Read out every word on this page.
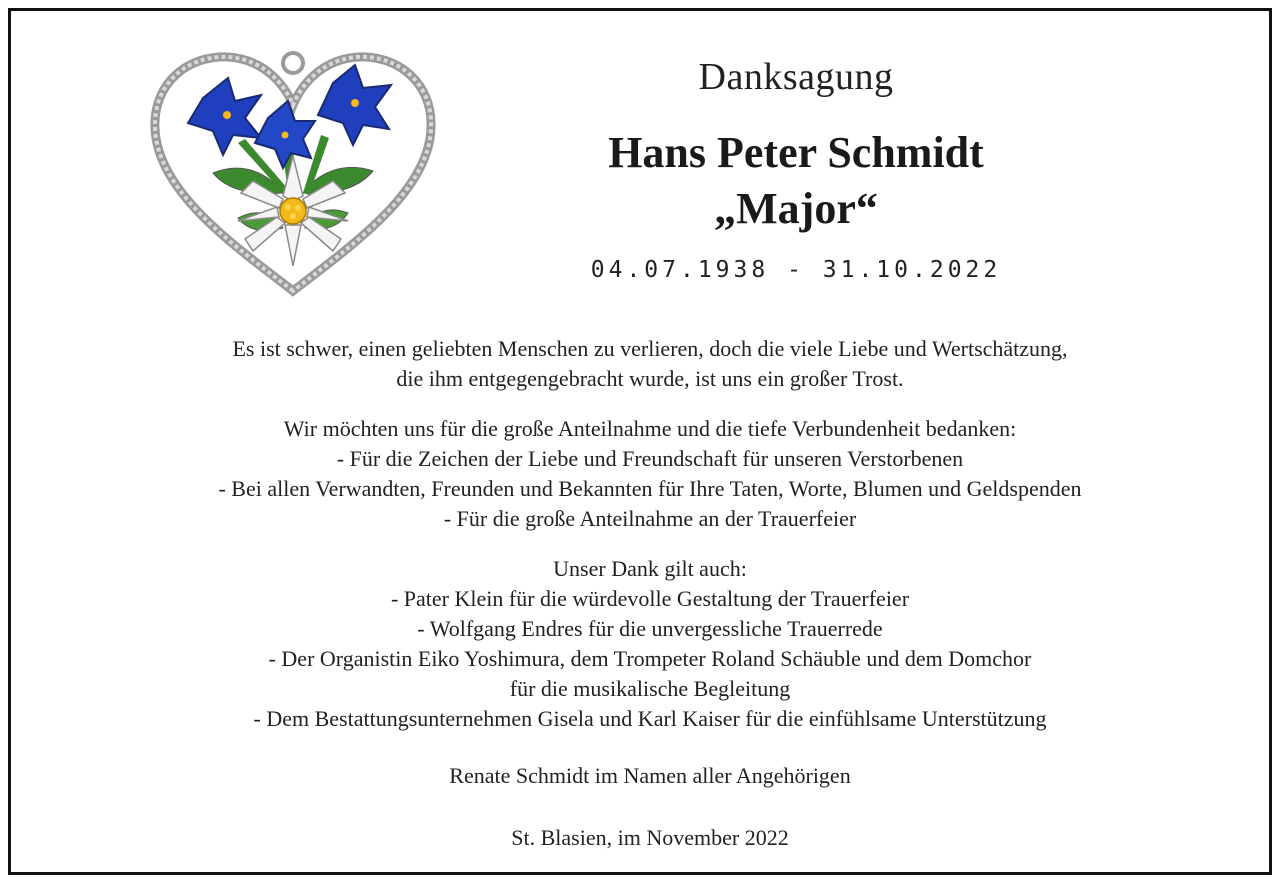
Danksagung
Hans Peter Schmidt
„Major“
04.07.1938 - 31.10.2022
Es ist schwer, einen geliebten Menschen zu verlieren, doch die viele Liebe und Wertschätzung,
die ihm entgegengebracht wurde, ist uns ein großer Trost.
Wir möchten uns für die große Anteilnahme und die tiefe Verbundenheit bedanken:
- Für die Zeichen der Liebe und Freundschaft für unseren Verstorbenen
- Bei allen Verwandten, Freunden und Bekannten für Ihre Taten, Worte, Blumen und Geldspenden
- Für die große Anteilnahme an der Trauerfeier
Unser Dank gilt auch:
- Pater Klein für die würdevolle Gestaltung der Trauerfeier
- Wolfgang Endres für die unvergessliche Trauerrede
- Der Organistin Eiko Yoshimura, dem Trompeter Roland Schäuble und dem Domchor
für die musikalische Begleitung
- Dem Bestattungsunternehmen Gisela und Karl Kaiser für die einfühlsame Unterstützung
Renate Schmidt im Namen aller Angehörigen
St. Blasien, im November 2022
